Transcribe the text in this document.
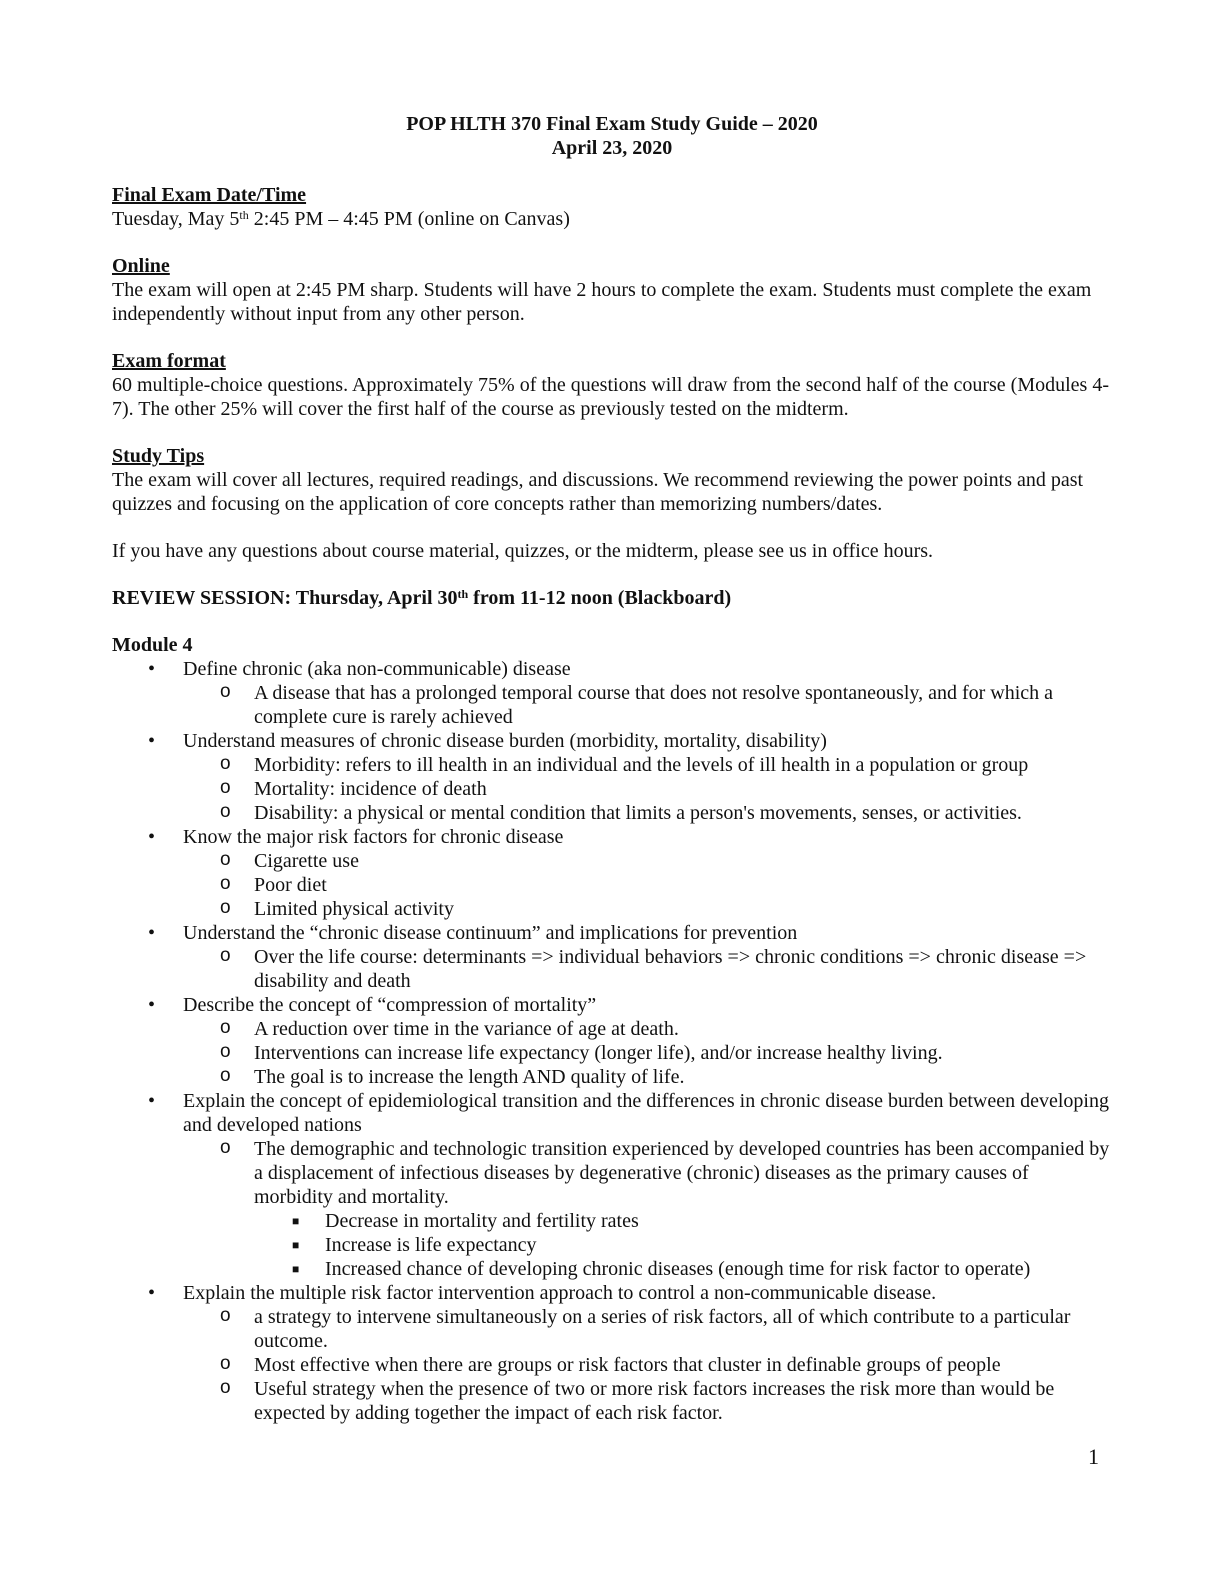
POP HLTH 370 Final Exam Study Guide – 2020

April 23, 2020

Final Exam Date/Time

Tuesday, May 5th 2:45 PM – 4:45 PM (online on Canvas)

Online

The exam will open at 2:45 PM sharp. Students will have 2 hours to complete the exam. Students must complete the exam independently without input from any other person.

Exam format

60 multiple-choice questions. Approximately 75% of the questions will draw from the second half of the course (Modules 4-7). The other 25% will cover the first half of the course as previously tested on the midterm.

Study Tips

The exam will cover all lectures, required readings, and discussions. We recommend reviewing the power points and past quizzes and focusing on the application of core concepts rather than memorizing numbers/dates.

If you have any questions about course material, quizzes, or the midterm, please see us in office hours.

REVIEW SESSION: Thursday, April 30th from 11-12 noon (Blackboard)

Module 4
• Define chronic (aka non-communicable) disease
o A disease that has a prolonged temporal course that does not resolve spontaneously, and for which a complete cure is rarely achieved
• Understand measures of chronic disease burden (morbidity, mortality, disability)
o Morbidity: refers to ill health in an individual and the levels of ill health in a population or group
o Mortality: incidence of death
o Disability: a physical or mental condition that limits a person's movements, senses, or activities.
• Know the major risk factors for chronic disease
o Cigarette use
o Poor diet
o Limited physical activity
• Understand the “chronic disease continuum” and implications for prevention
o Over the life course: determinants => individual behaviors => chronic conditions => chronic disease => disability and death
• Describe the concept of “compression of mortality”
o A reduction over time in the variance of age at death.
o Interventions can increase life expectancy (longer life), and/or increase healthy living.
o The goal is to increase the length AND quality of life.
• Explain the concept of epidemiological transition and the differences in chronic disease burden between developing and developed nations
o The demographic and technologic transition experienced by developed countries has been accompanied by a displacement of infectious diseases by degenerative (chronic) diseases as the primary causes of morbidity and mortality.
■ Decrease in mortality and fertility rates
■ Increase is life expectancy
■ Increased chance of developing chronic diseases (enough time for risk factor to operate)
• Explain the multiple risk factor intervention approach to control a non-communicable disease.
o a strategy to intervene simultaneously on a series of risk factors, all of which contribute to a particular outcome.
o Most effective when there are groups or risk factors that cluster in definable groups of people
o Useful strategy when the presence of two or more risk factors increases the risk more than would be expected by adding together the impact of each risk factor.
1
